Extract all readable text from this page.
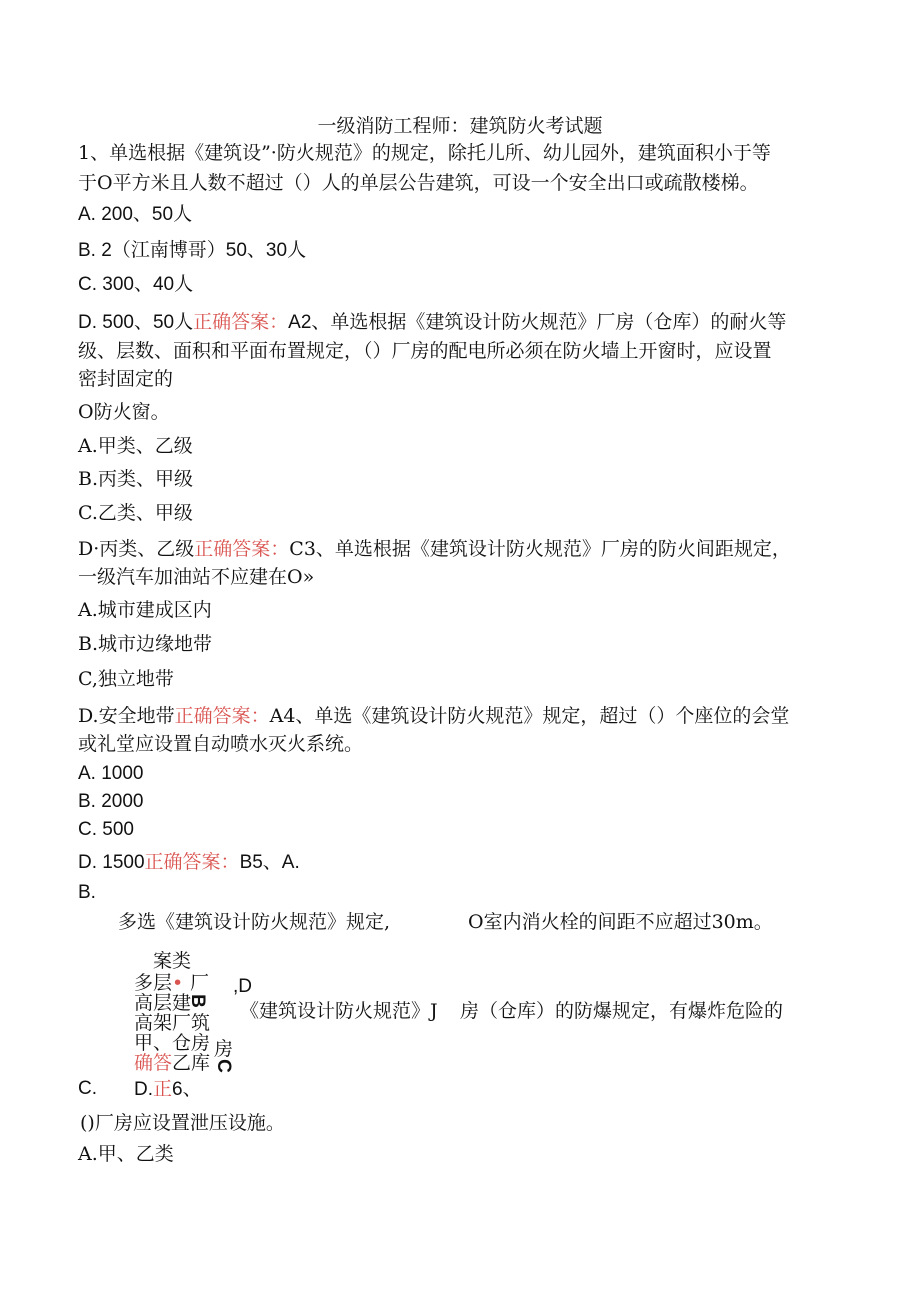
一级消防工程师：建筑防火考试题
1、单选根据《建筑设”·防火规范》的规定，除托儿所、幼儿园外，建筑面积小于等
于O平方米且人数不超过（）人的单层公告建筑，可设一个安全出口或疏散楼梯。
A. 200、50人
B. 2（江南博哥）50、30人
C. 300、40人
D. 500、50人正确答案：A2、单选根据《建筑设计防火规范》厂房（仓库）的耐火等
级、层数、面积和平面布置规定，（）厂房的配电所必须在防火墙上开窗时，应设置
密封固定的
O防火窗。
A.甲类、乙级
B.丙类、甲级
C.乙类、甲级
D·丙类、乙级正确答案：C3、单选根据《建筑设计防火规范》厂房的防火间距规定，
一级汽车加油站不应建在O»
A.城市建成区内
B.城市边缘地带
C,独立地带
D.安全地带正确答案：A4、单选《建筑设计防火规范》规定，超过（）个座位的会堂
或礼堂应设置自动喷水灭火系统。
A. 1000
B. 2000
C. 500
D. 1500正确答案：B5、A.
B.
多选《建筑设计防火规范》规定,	O室内消火栓的间距不应超过30m。
案类
多层 • 厂 ,D
高层建
B
高架厂筑
《建筑设计防火规范》J 房（仓库）的防爆规定，有爆炸危险的
甲、仓房 房
确答 乙库 C
C. D.正6、
()厂房应设置泄压设施。
A.甲、乙类
